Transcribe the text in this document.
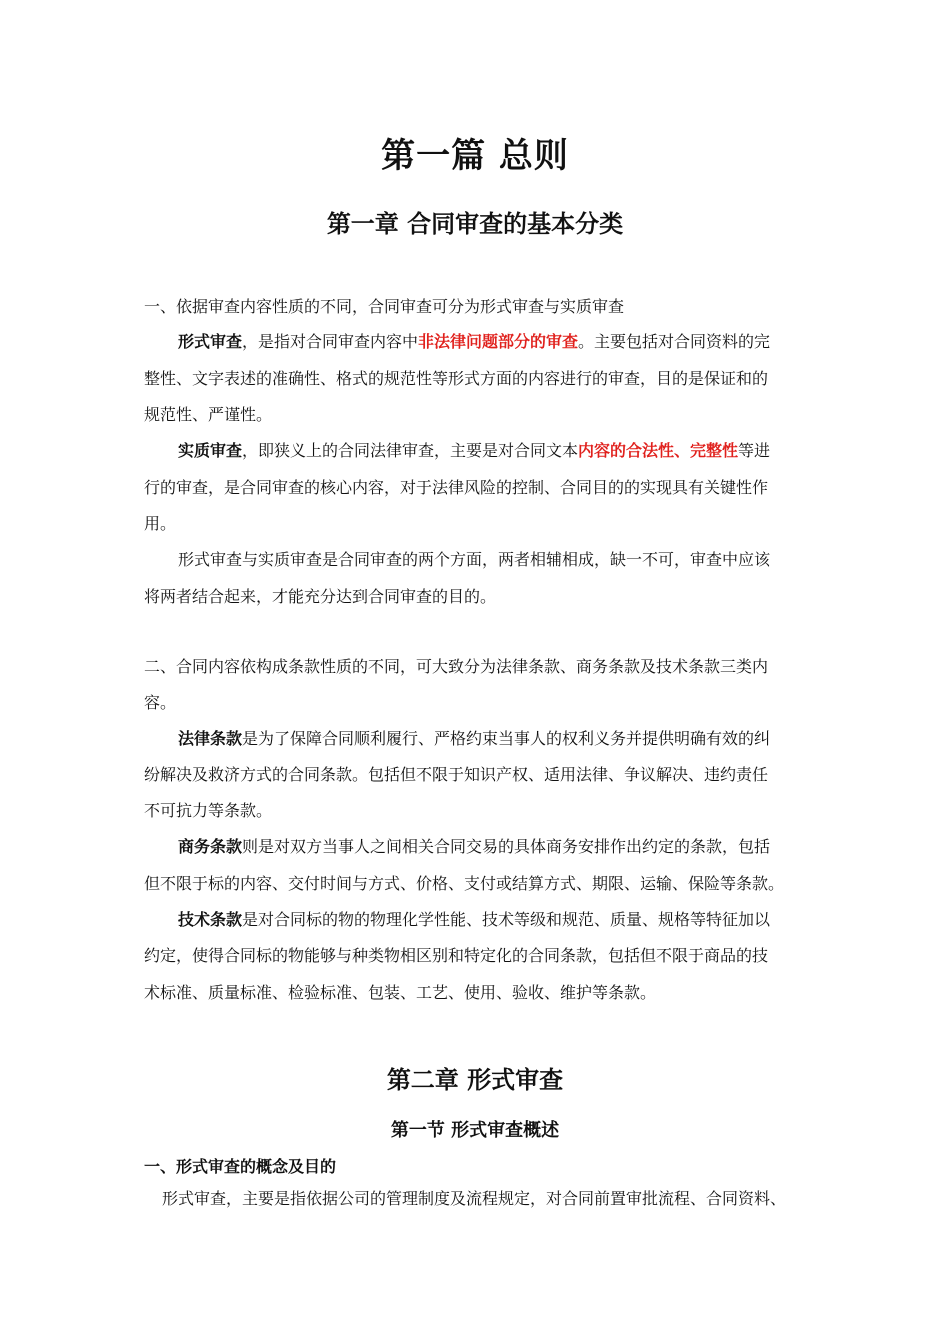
第一篇 总则
第一章 合同审查的基本分类

一、依据审查内容性质的不同，合同审查可分为形式审查与实质审查

形式审查，是指对合同审查内容中非法律问题部分的审查。主要包括对合同资料的完

整性、文字表述的准确性、格式的规范性等形式方面的内容进行的审查，目的是保证和的

规范性、严谨性。

实质审查，即狭义上的合同法律审查，主要是对合同文本内容的合法性、完整性等进

行的审查，是合同审查的核心内容，对于法律风险的控制、合同目的的实现具有关键性作

用。

形式审查与实质审查是合同审查的两个方面，两者相辅相成，缺一不可，审查中应该

将两者结合起来，才能充分达到合同审查的目的。

二、合同内容依构成条款性质的不同，可大致分为法律条款、商务条款及技术条款三类内

容。

法律条款是为了保障合同顺利履行、严格约束当事人的权利义务并提供明确有效的纠

纷解决及救济方式的合同条款。包括但不限于知识产权、适用法律、争议解决、违约责任

不可抗力等条款。

商务条款则是对双方当事人之间相关合同交易的具体商务安排作出约定的条款，包括

但不限于标的内容、交付时间与方式、价格、支付或结算方式、期限、运输、保险等条款。

技术条款是对合同标的物的物理化学性能、技术等级和规范、质量、规格等特征加以

约定，使得合同标的物能够与种类物相区别和特定化的合同条款，包括但不限于商品的技

术标准、质量标准、检验标准、包装、工艺、使用、验收、维护等条款。

第二章 形式审查
第一节 形式审查概述

一、形式审查的概念及目的

形式审查，主要是指依据公司的管理制度及流程规定，对合同前置审批流程、合同资料、
